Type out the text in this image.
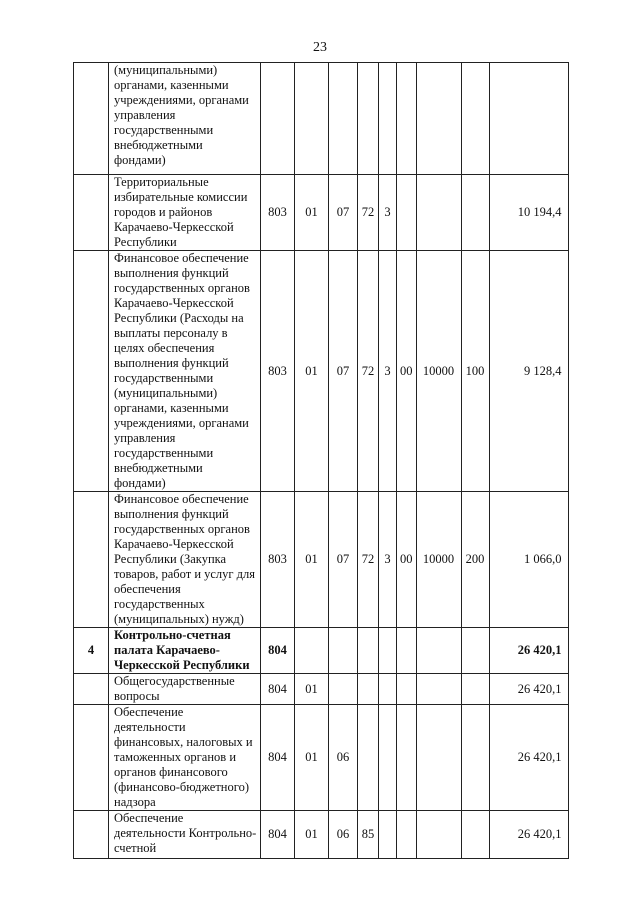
23
	(муниципальными) органами, казенными учреждениями, органами управления государственными внебюджетными фондами)									
	Территориальные избирательные комиссии городов и районов Карачаево-Черкесской Республики	803	01	07	72	3				10 194,4
	Финансовое обеспечение выполнения функций государственных органов Карачаево-Черкесской Республики (Расходы на выплаты персоналу в целях обеспечения выполнения функций государственными (муниципальными) органами, казенными учреждениями, органами управления государственными внебюджетными фондами)	803	01	07	72	3	00	10000	100	9 128,4
	Финансовое обеспечение выполнения функций государственных органов Карачаево-Черкесской Республики (Закупка товаров, работ и услуг для обеспечения государственных (муниципальных) нужд)	803	01	07	72	3	00	10000	200	1 066,0
4	Контрольно-счетная палата Карачаево-Черкесской Республики	804								26 420,1
	Общегосударственные вопросы	804	01							26 420,1
	Обеспечение деятельности финансовых, налоговых и таможенных органов и органов финансового (финансово-бюджетного) надзора	804	01	06						26 420,1
	Обеспечение деятельности Контрольно-счетной	804	01	06	85					26 420,1
